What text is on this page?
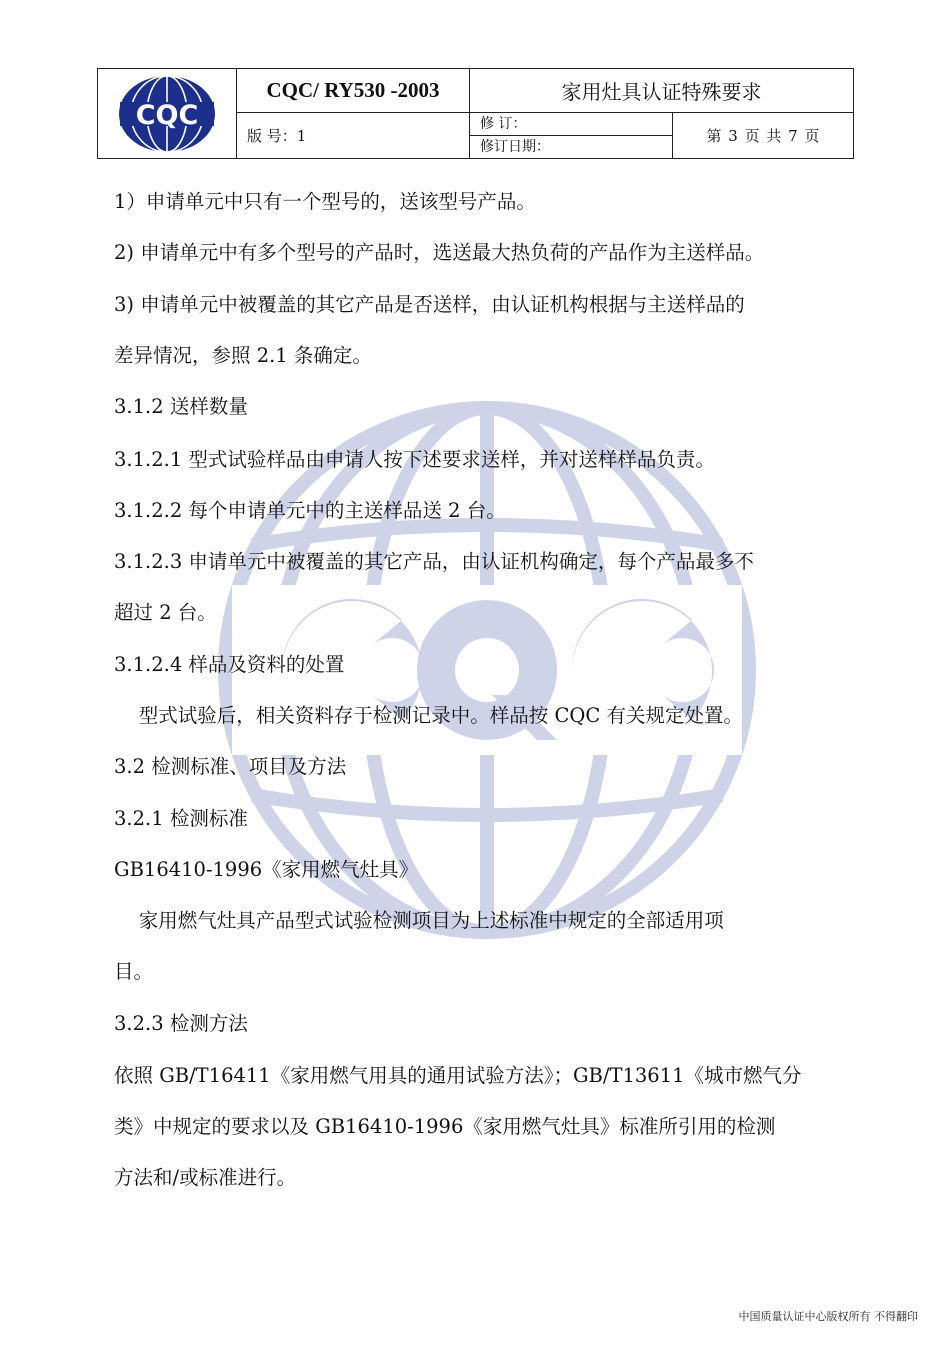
CQC
CQC/ RY530 -2003	家用灶具认证特殊要求
版 号：1
修 订：
修订日期：
第 3 页 共 7 页
1）申请单元中只有一个型号的，送该型号产品。
2) 申请单元中有多个型号的产品时，选送最大热负荷的产品作为主送样品。
3) 申请单元中被覆盖的其它产品是否送样，由认证机构根据与主送样品的
差异情况，参照 2.1 条确定。
3.1.2 送样数量
3.1.2.1 型式试验样品由申请人按下述要求送样，并对送样样品负责。
3.1.2.2 每个申请单元中的主送样品送 2 台。
3.1.2.3 申请单元中被覆盖的其它产品，由认证机构确定，每个产品最多不
超过 2 台。
3.1.2.4 样品及资料的处置
型式试验后，相关资料存于检测记录中。样品按 CQC 有关规定处置。
3.2 检测标准、项目及方法
3.2.1 检测标准
GB16410-1996《家用燃气灶具》
家用燃气灶具产品型式试验检测项目为上述标准中规定的全部适用项
目。
3.2.3 检测方法
依照 GB/T16411《家用燃气用具的通用试验方法》；GB/T13611《城市燃气分
类》中规定的要求以及 GB16410-1996《家用燃气灶具》标准所引用的检测
方法和/或标准进行。
中国质量认证中心版权所有 不得翻印
